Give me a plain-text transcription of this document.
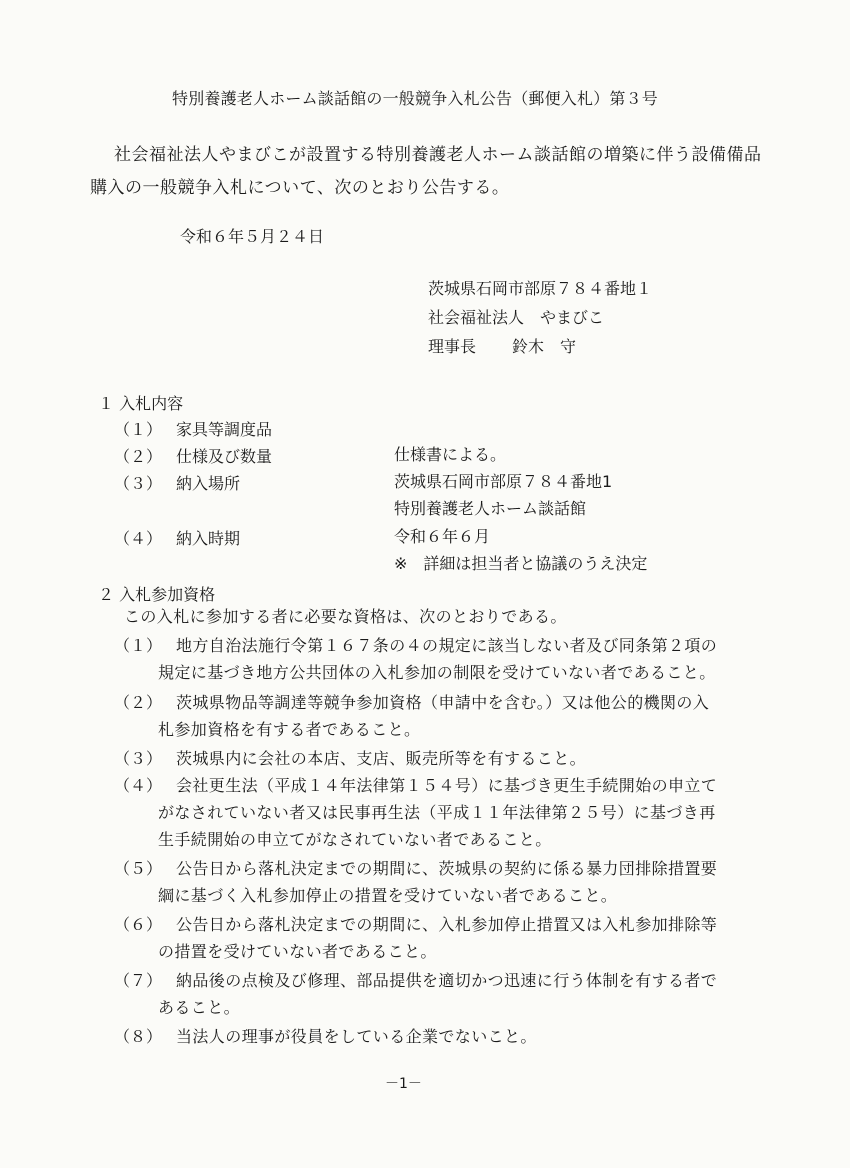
特別養護老人ホーム談話館の一般競争入札公告（郵便入札）第３号
社会福祉法人やまびこが設置する特別養護老人ホーム談話館の増築に伴う設備備品
購入の一般競争入札について、次のとおり公告する。
令和６年５月２４日
茨城県石岡市部原７８４番地１
社会福祉法人　やまびこ
理事長 鈴木　守
１ 入札内容
（１） 家具等調度品
（２） 仕様及び数量	仕様書による。
（３） 納入場所	茨城県石岡市部原７８４番地1
特別養護老人ホーム談話館
（４） 納入時期	令和６年６月
※　詳細は担当者と協議のうえ決定
２ 入札参加資格
この入札に参加する者に必要な資格は、次のとおりである。
（１） 地方自治法施行令第１６７条の４の規定に該当しない者及び同条第２項の
規定に基づき地方公共団体の入札参加の制限を受けていない者であること。
（２） 茨城県物品等調達等競争参加資格（申請中を含む。）又は他公的機関の入
札参加資格を有する者であること。
（３） 茨城県内に会社の本店、支店、販売所等を有すること。
（４） 会社更生法（平成１４年法律第１５４号）に基づき更生手続開始の申立て
がなされていない者又は民事再生法（平成１１年法律第２５号）に基づき再
生手続開始の申立てがなされていない者であること。
（５） 公告日から落札決定までの期間に、茨城県の契約に係る暴力団排除措置要
綱に基づく入札参加停止の措置を受けていない者であること。
（６） 公告日から落札決定までの期間に、入札参加停止措置又は入札参加排除等
の措置を受けていない者であること。
（７） 納品後の点検及び修理、部品提供を適切かつ迅速に行う体制を有する者で
あること。
（８） 当法人の理事が役員をしている企業でないこと。
－1－
